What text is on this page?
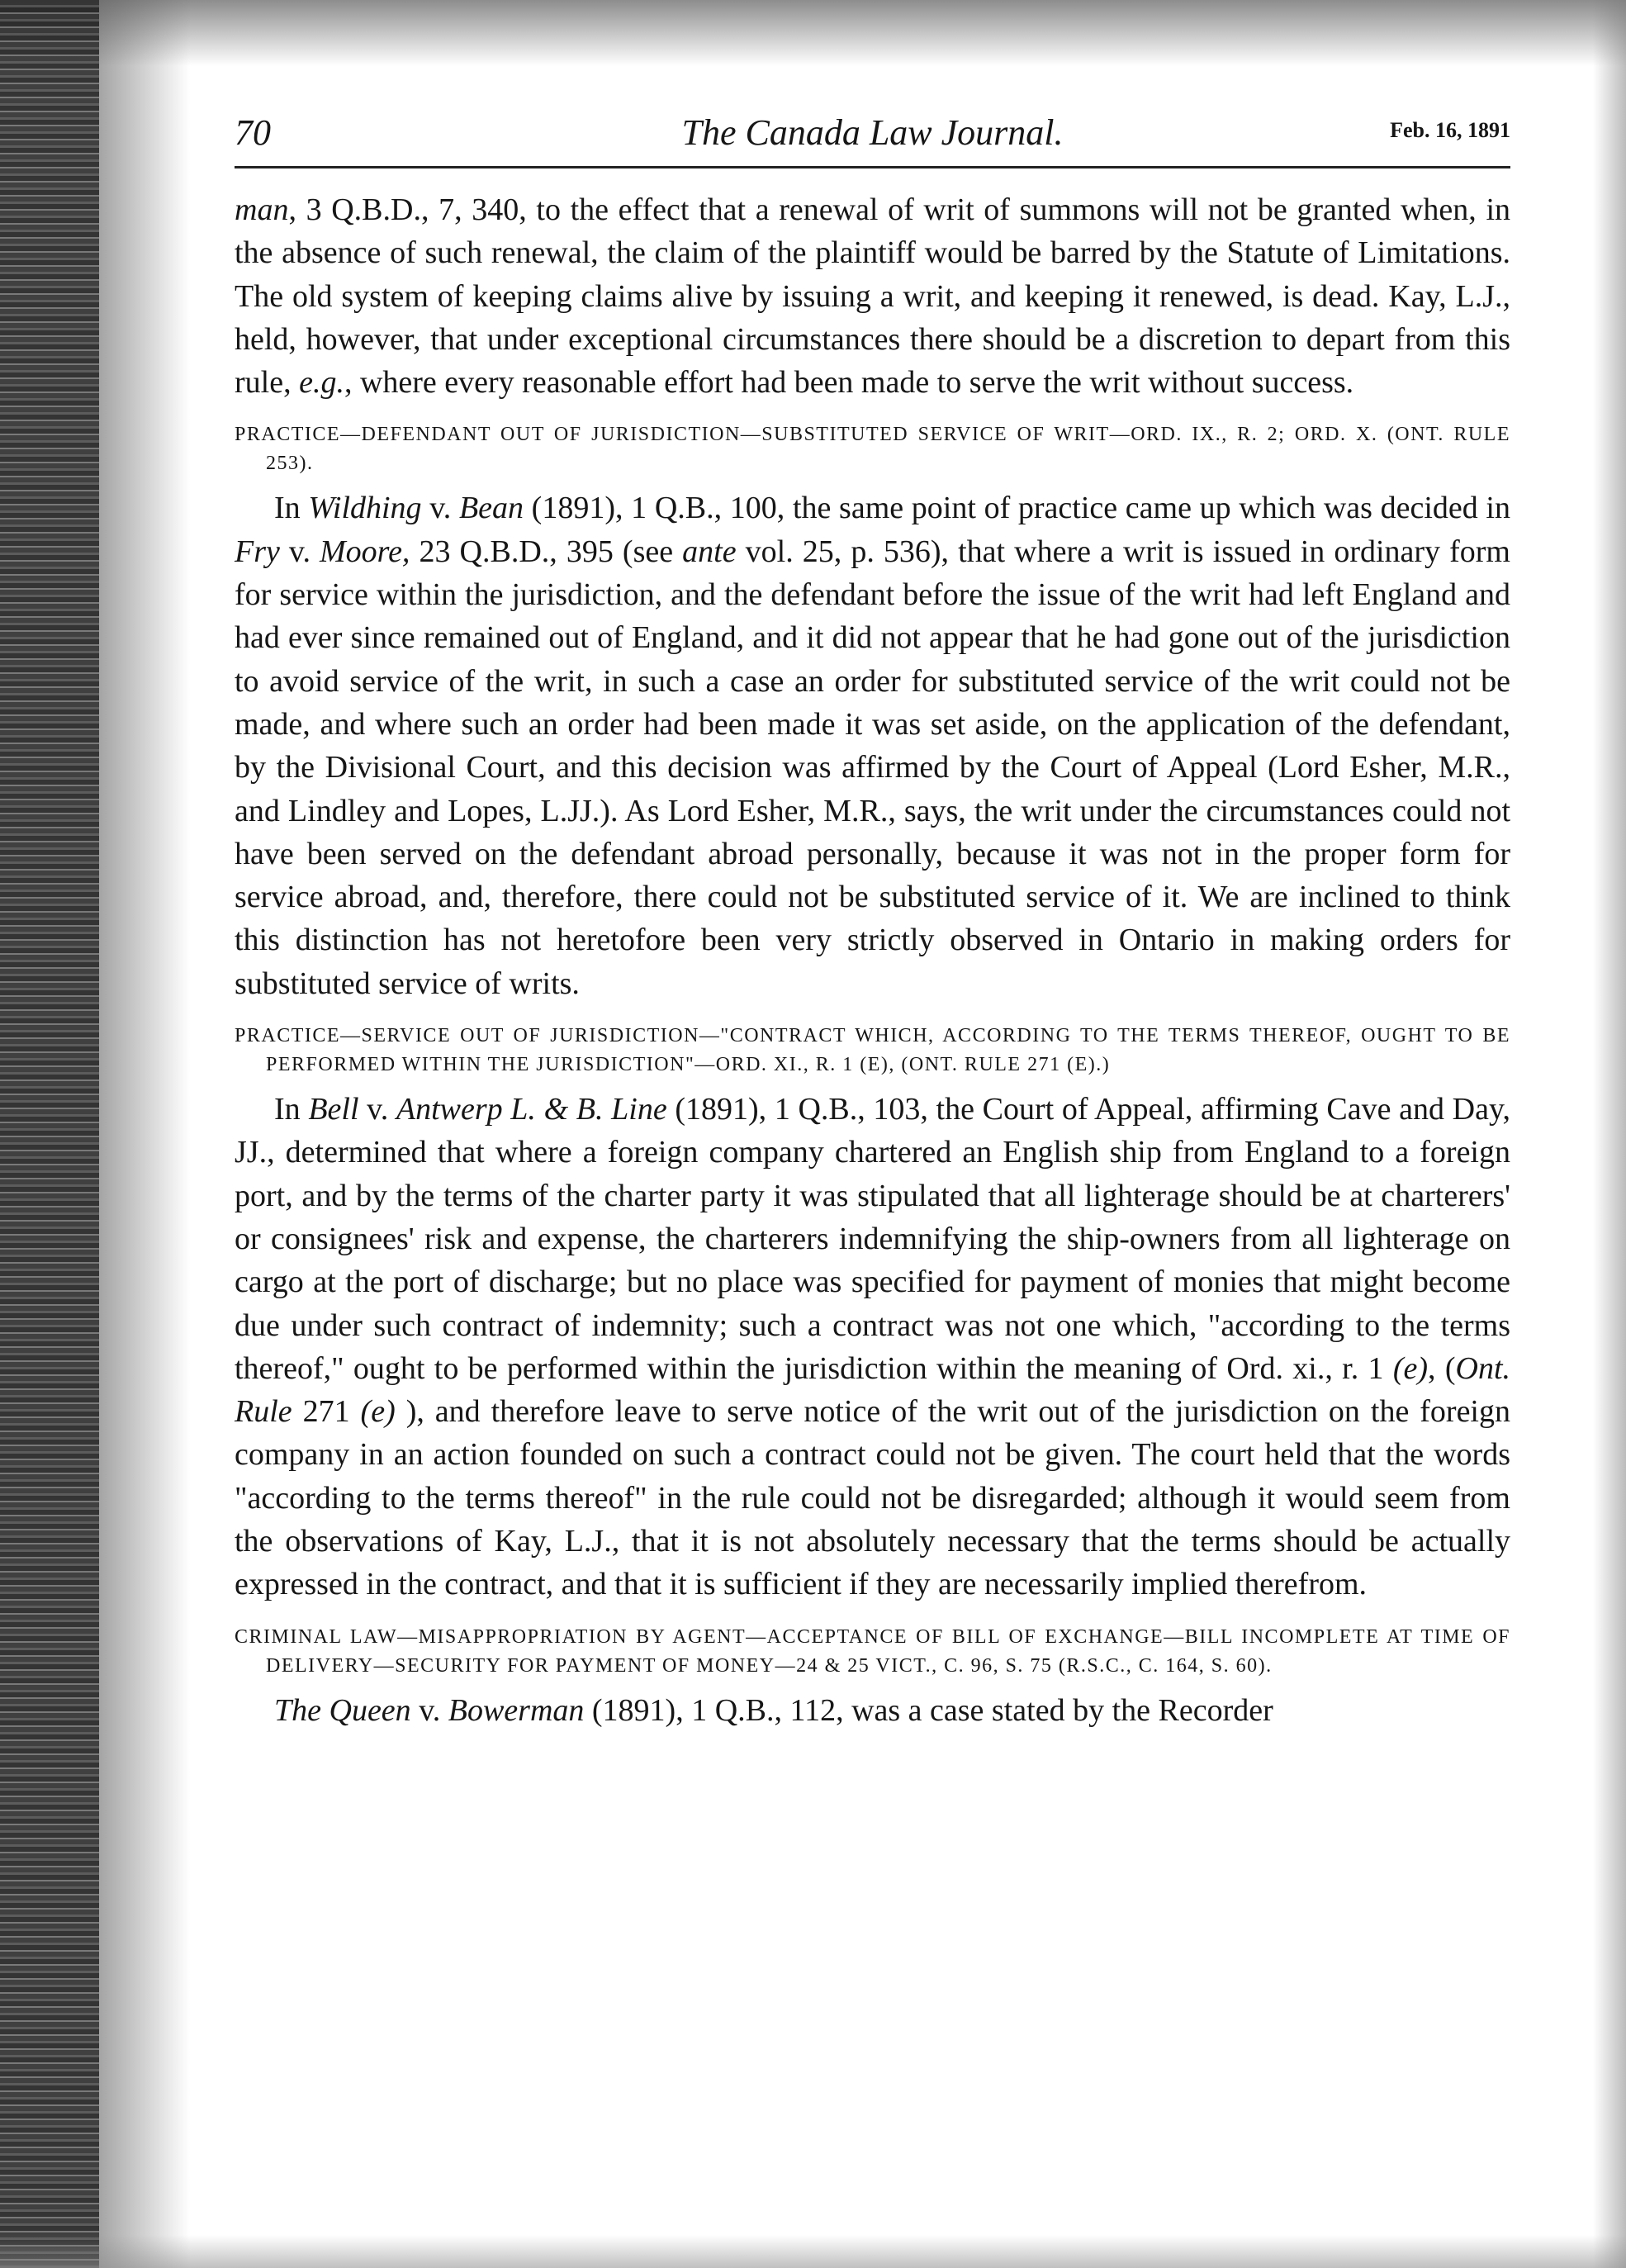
70	The Canada Law Journal.	Feb. 16, 1891

man, 3 Q.B.D., 7, 340, to the effect that a renewal of writ of summons will not be granted when, in the absence of such renewal, the claim of the plaintiff would be barred by the Statute of Limitations. The old system of keeping claims alive by issuing a writ, and keeping it renewed, is dead. Kay, L.J., held, however, that under exceptional circumstances there should be a discretion to depart from this rule, e.g., where every reasonable effort had been made to serve the writ without success.

PRACTICE—DEFENDANT OUT OF JURISDICTION—SUBSTITUTED SERVICE OF WRIT—ORD. IX., R. 2; ORD. X. (ONT. RULE 253).

In Wildhing v. Bean (1891), 1 Q.B., 100, the same point of practice came up which was decided in Fry v. Moore, 23 Q.B.D., 395 (see ante vol. 25, p. 536), that where a writ is issued in ordinary form for service within the jurisdiction, and the defendant before the issue of the writ had left England and had ever since remained out of England, and it did not appear that he had gone out of the jurisdiction to avoid service of the writ, in such a case an order for substituted service of the writ could not be made, and where such an order had been made it was set aside, on the application of the defendant, by the Divisional Court, and this decision was affirmed by the Court of Appeal (Lord Esher, M.R., and Lindley and Lopes, L.JJ.). As Lord Esher, M.R., says, the writ under the circumstances could not have been served on the defendant abroad personally, because it was not in the proper form for service abroad, and, therefore, there could not be substituted service of it. We are inclined to think this distinction has not heretofore been very strictly observed in Ontario in making orders for substituted service of writs.

PRACTICE—SERVICE OUT OF JURISDICTION—"CONTRACT WHICH, ACCORDING TO THE TERMS THEREOF, OUGHT TO BE PERFORMED WITHIN THE JURISDICTION"—ORD. XI., R. 1 (E), (ONT. RULE 271 (E).)

In Bell v. Antwerp L. & B. Line (1891), 1 Q.B., 103, the Court of Appeal, affirming Cave and Day, JJ., determined that where a foreign company chartered an English ship from England to a foreign port, and by the terms of the charter party it was stipulated that all lighterage should be at charterers' or consignees' risk and expense, the charterers indemnifying the ship-owners from all lighterage on cargo at the port of discharge; but no place was specified for payment of monies that might become due under such contract of indemnity; such a contract was not one which, "according to the terms thereof," ought to be performed within the jurisdiction within the meaning of Ord. xi., r. 1 (e), (Ont. Rule 271 (e) ), and therefore leave to serve notice of the writ out of the jurisdiction on the foreign company in an action founded on such a contract could not be given. The court held that the words "according to the terms thereof" in the rule could not be disregarded; although it would seem from the observations of Kay, L.J., that it is not absolutely necessary that the terms should be actually expressed in the contract, and that it is sufficient if they are necessarily implied therefrom.

CRIMINAL LAW—MISAPPROPRIATION BY AGENT—ACCEPTANCE OF BILL OF EXCHANGE—BILL INCOMPLETE AT TIME OF DELIVERY—SECURITY FOR PAYMENT OF MONEY—24 & 25 VICT., C. 96, S. 75 (R.S.C., C. 164, S. 60).

The Queen v. Bowerman (1891), 1 Q.B., 112, was a case stated by the Recorder
